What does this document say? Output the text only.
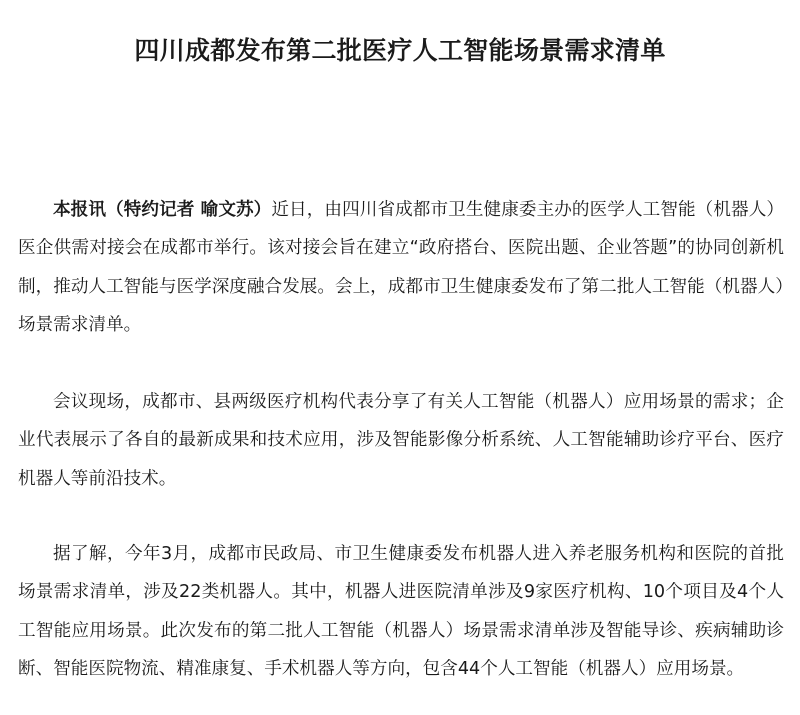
四川成都发布第二批医疗人工智能场景需求清单

本报讯（特约记者 喻文苏）近日，由四川省成都市卫生健康委主办的医学人工智能（机器人）医企供需对接会在成都市举行。该对接会旨在建立“政府搭台、医院出题、企业答题”的协同创新机制，推动人工智能与医学深度融合发展。会上，成都市卫生健康委发布了第二批人工智能（机器人）场景需求清单。

会议现场，成都市、县两级医疗机构代表分享了有关人工智能（机器人）应用场景的需求；企业代表展示了各自的最新成果和技术应用，涉及智能影像分析系统、人工智能辅助诊疗平台、医疗机器人等前沿技术。

据了解，今年3月，成都市民政局、市卫生健康委发布机器人进入养老服务机构和医院的首批场景需求清单，涉及22类机器人。其中，机器人进医院清单涉及9家医疗机构、10个项目及4个人工智能应用场景。此次发布的第二批人工智能（机器人）场景需求清单涉及智能导诊、疾病辅助诊断、智能医院物流、精准康复、手术机器人等方向，包含44个人工智能（机器人）应用场景。
